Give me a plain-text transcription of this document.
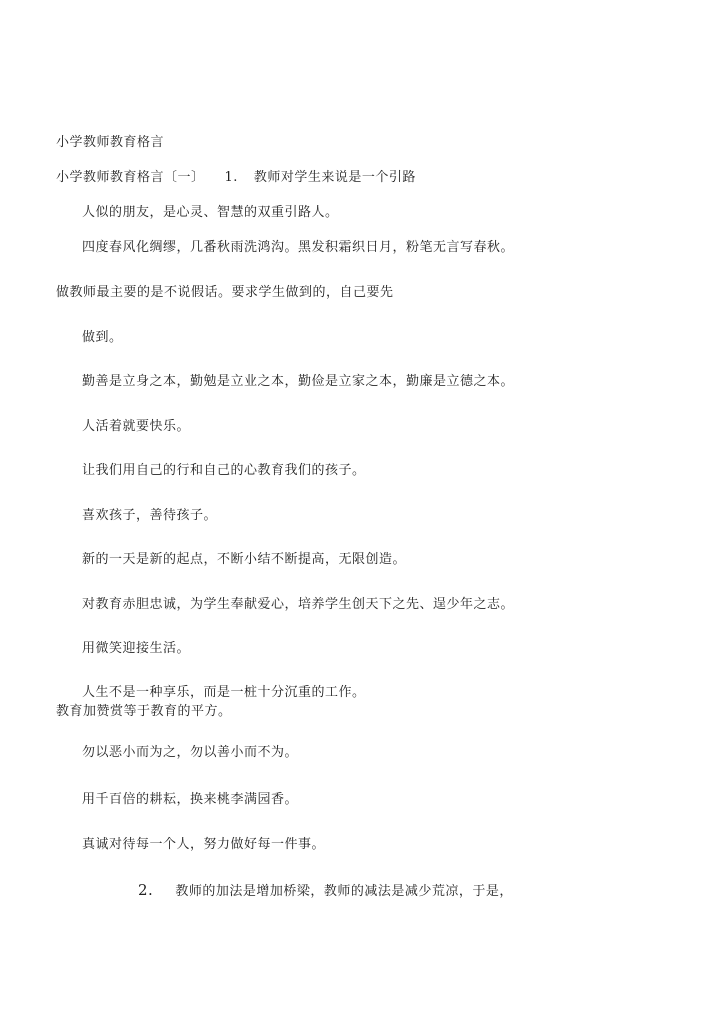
小学教师教育格言
小学教师教育格言〔一〕 1. 教师对学生来说是一个引路
人似的朋友，是心灵、智慧的双重引路人。
四度春风化绸缪，几番秋雨洗鸿沟。黑发积霜织日月，粉笔无言写春秋。
做教师最主要的是不说假话。要求学生做到的，自己要先
做到。
勤善是立身之本，勤勉是立业之本，勤俭是立家之本，勤廉是立德之本。
人活着就要快乐。
让我们用自己的行和自己的心教育我们的孩子。
喜欢孩子，善待孩子。
新的一天是新的起点，不断小结不断提高，无限创造。
对教育赤胆忠诚，为学生奉献爱心，培养学生创天下之先、逞少年之志。
用微笑迎接生活。
人生不是一种享乐，而是一桩十分沉重的工作。
教育加赞赏等于教育的平方。
勿以恶小而为之，勿以善小而不为。
用千百倍的耕耘，换来桃李满园香。
真诚对待每一个人，努力做好每一件事。
2. 教师的加法是增加桥梁，教师的减法是减少荒凉，于是，
